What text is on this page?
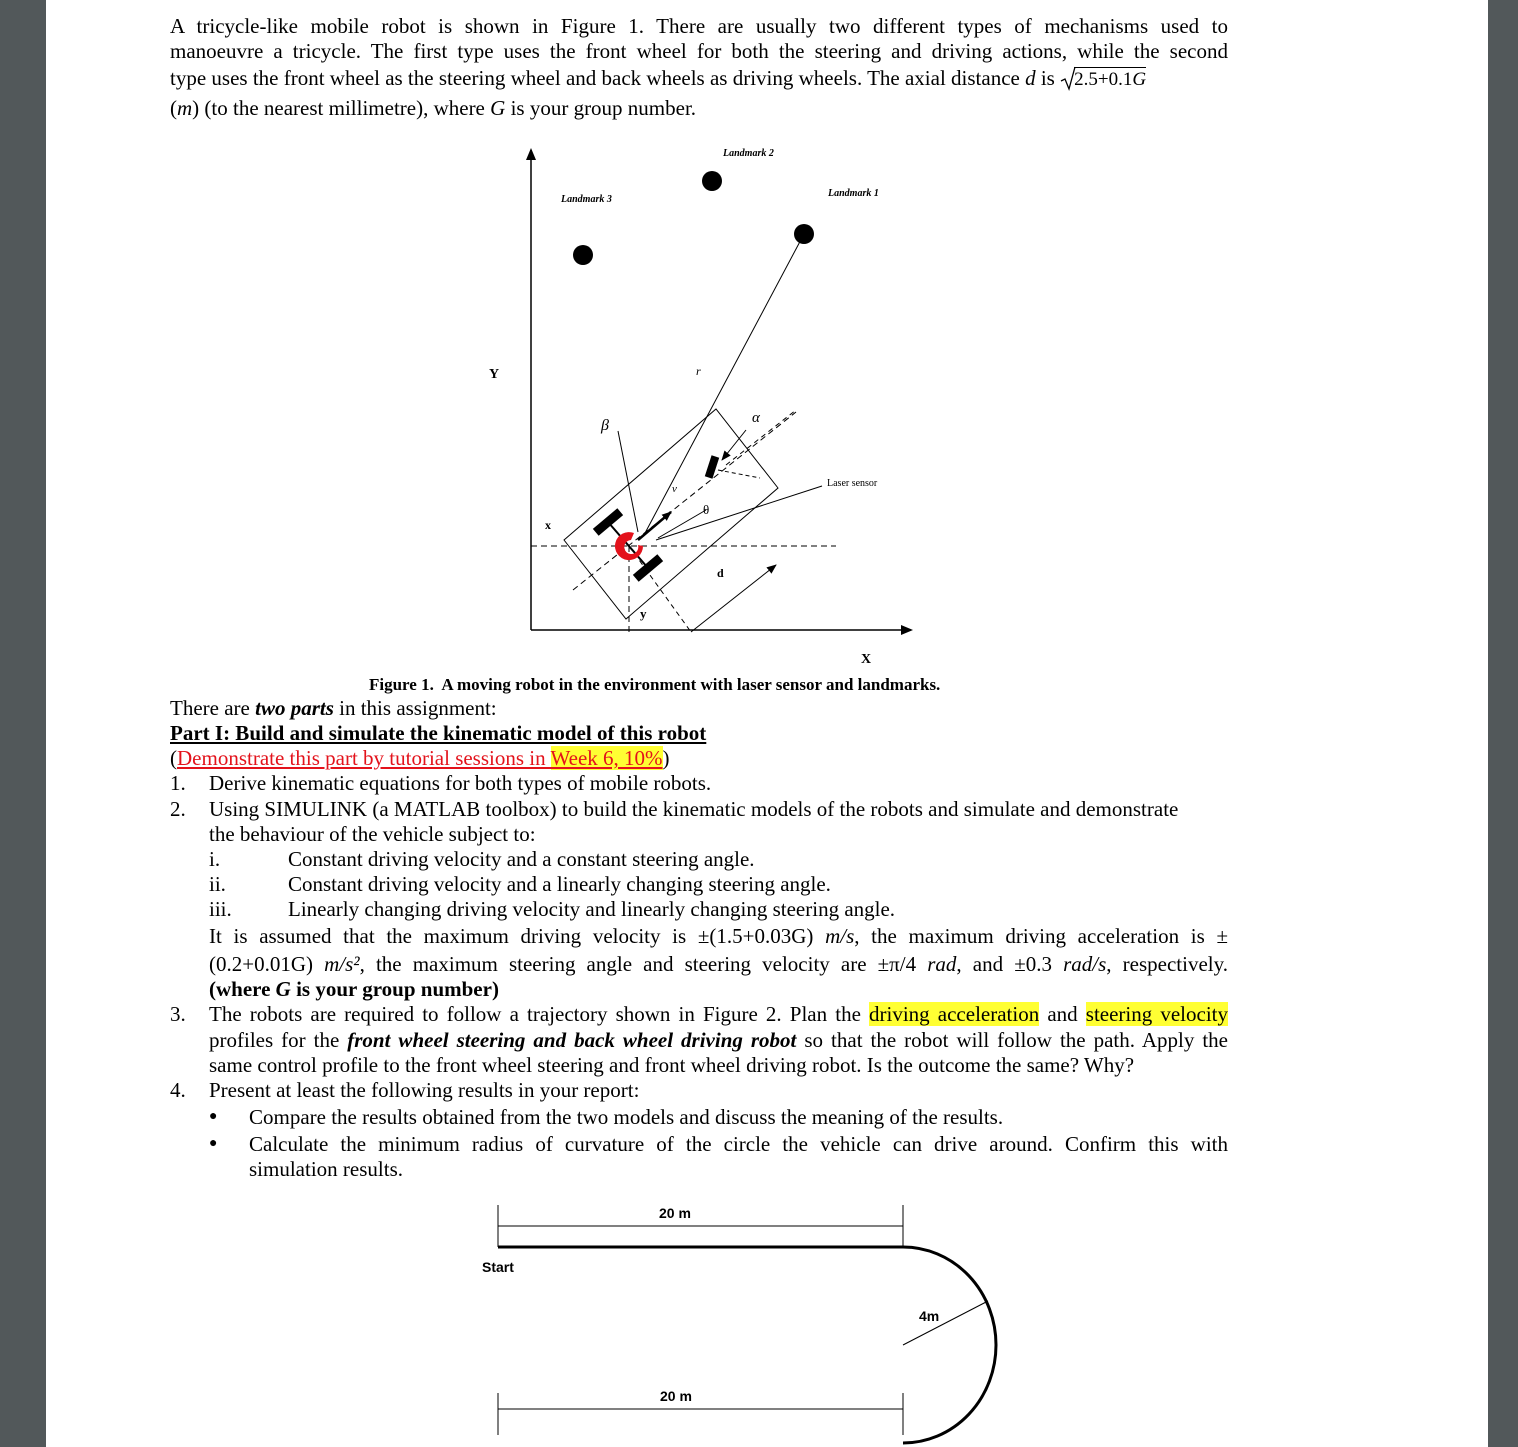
A tricycle-like mobile robot is shown in Figure 1. There are usually two different types of mechanisms used to
manoeuvre a tricycle. The first type uses the front wheel for both the steering and driving actions, while the second
type uses the front wheel as the steering wheel and back wheels as driving wheels. The axial distance d is
2.5+0.1G
(m) (to the nearest millimetre), where G is your group number.
Y
X
Landmark 2
Landmark 1
Landmark 3
r
β	α
v
θ
x
y
d
Laser sensor
Figure 1. A moving robot in the environment with laser sensor and landmarks.
There are two parts in this assignment:
Part I: Build and simulate the kinematic model of this robot
(Demonstrate this part by tutorial sessions in Week 6, 10%)
1. Derive kinematic equations for both types of mobile robots.
2. Using SIMULINK (a MATLAB toolbox) to build the kinematic models of the robots and simulate and demonstrate
the behaviour of the vehicle subject to:
i.	Constant driving velocity and a constant steering angle.
ii.	Constant driving velocity and a linearly changing steering angle.
iii.	Linearly changing driving velocity and linearly changing steering angle.
It is assumed that the maximum driving velocity is ±(1.5+0.03G) m/s, the maximum driving acceleration is ±
(0.2+0.01G) m/s², the maximum steering angle and steering velocity are ±π/4 rad, and ±0.3 rad/s, respectively.
(where G is your group number)
3. The robots are required to follow a trajectory shown in Figure 2. Plan the driving acceleration and steering velocity
profiles for the front wheel steering and back wheel driving robot so that the robot will follow the path. Apply the
same control profile to the front wheel steering and front wheel driving robot. Is the outcome the same? Why?
4. Present at least the following results in your report:
● Compare the results obtained from the two models and discuss the meaning of the results.
● Calculate the minimum radius of curvature of the circle the vehicle can drive around. Confirm this with
simulation results.
20 m
4m
Start
20 m
